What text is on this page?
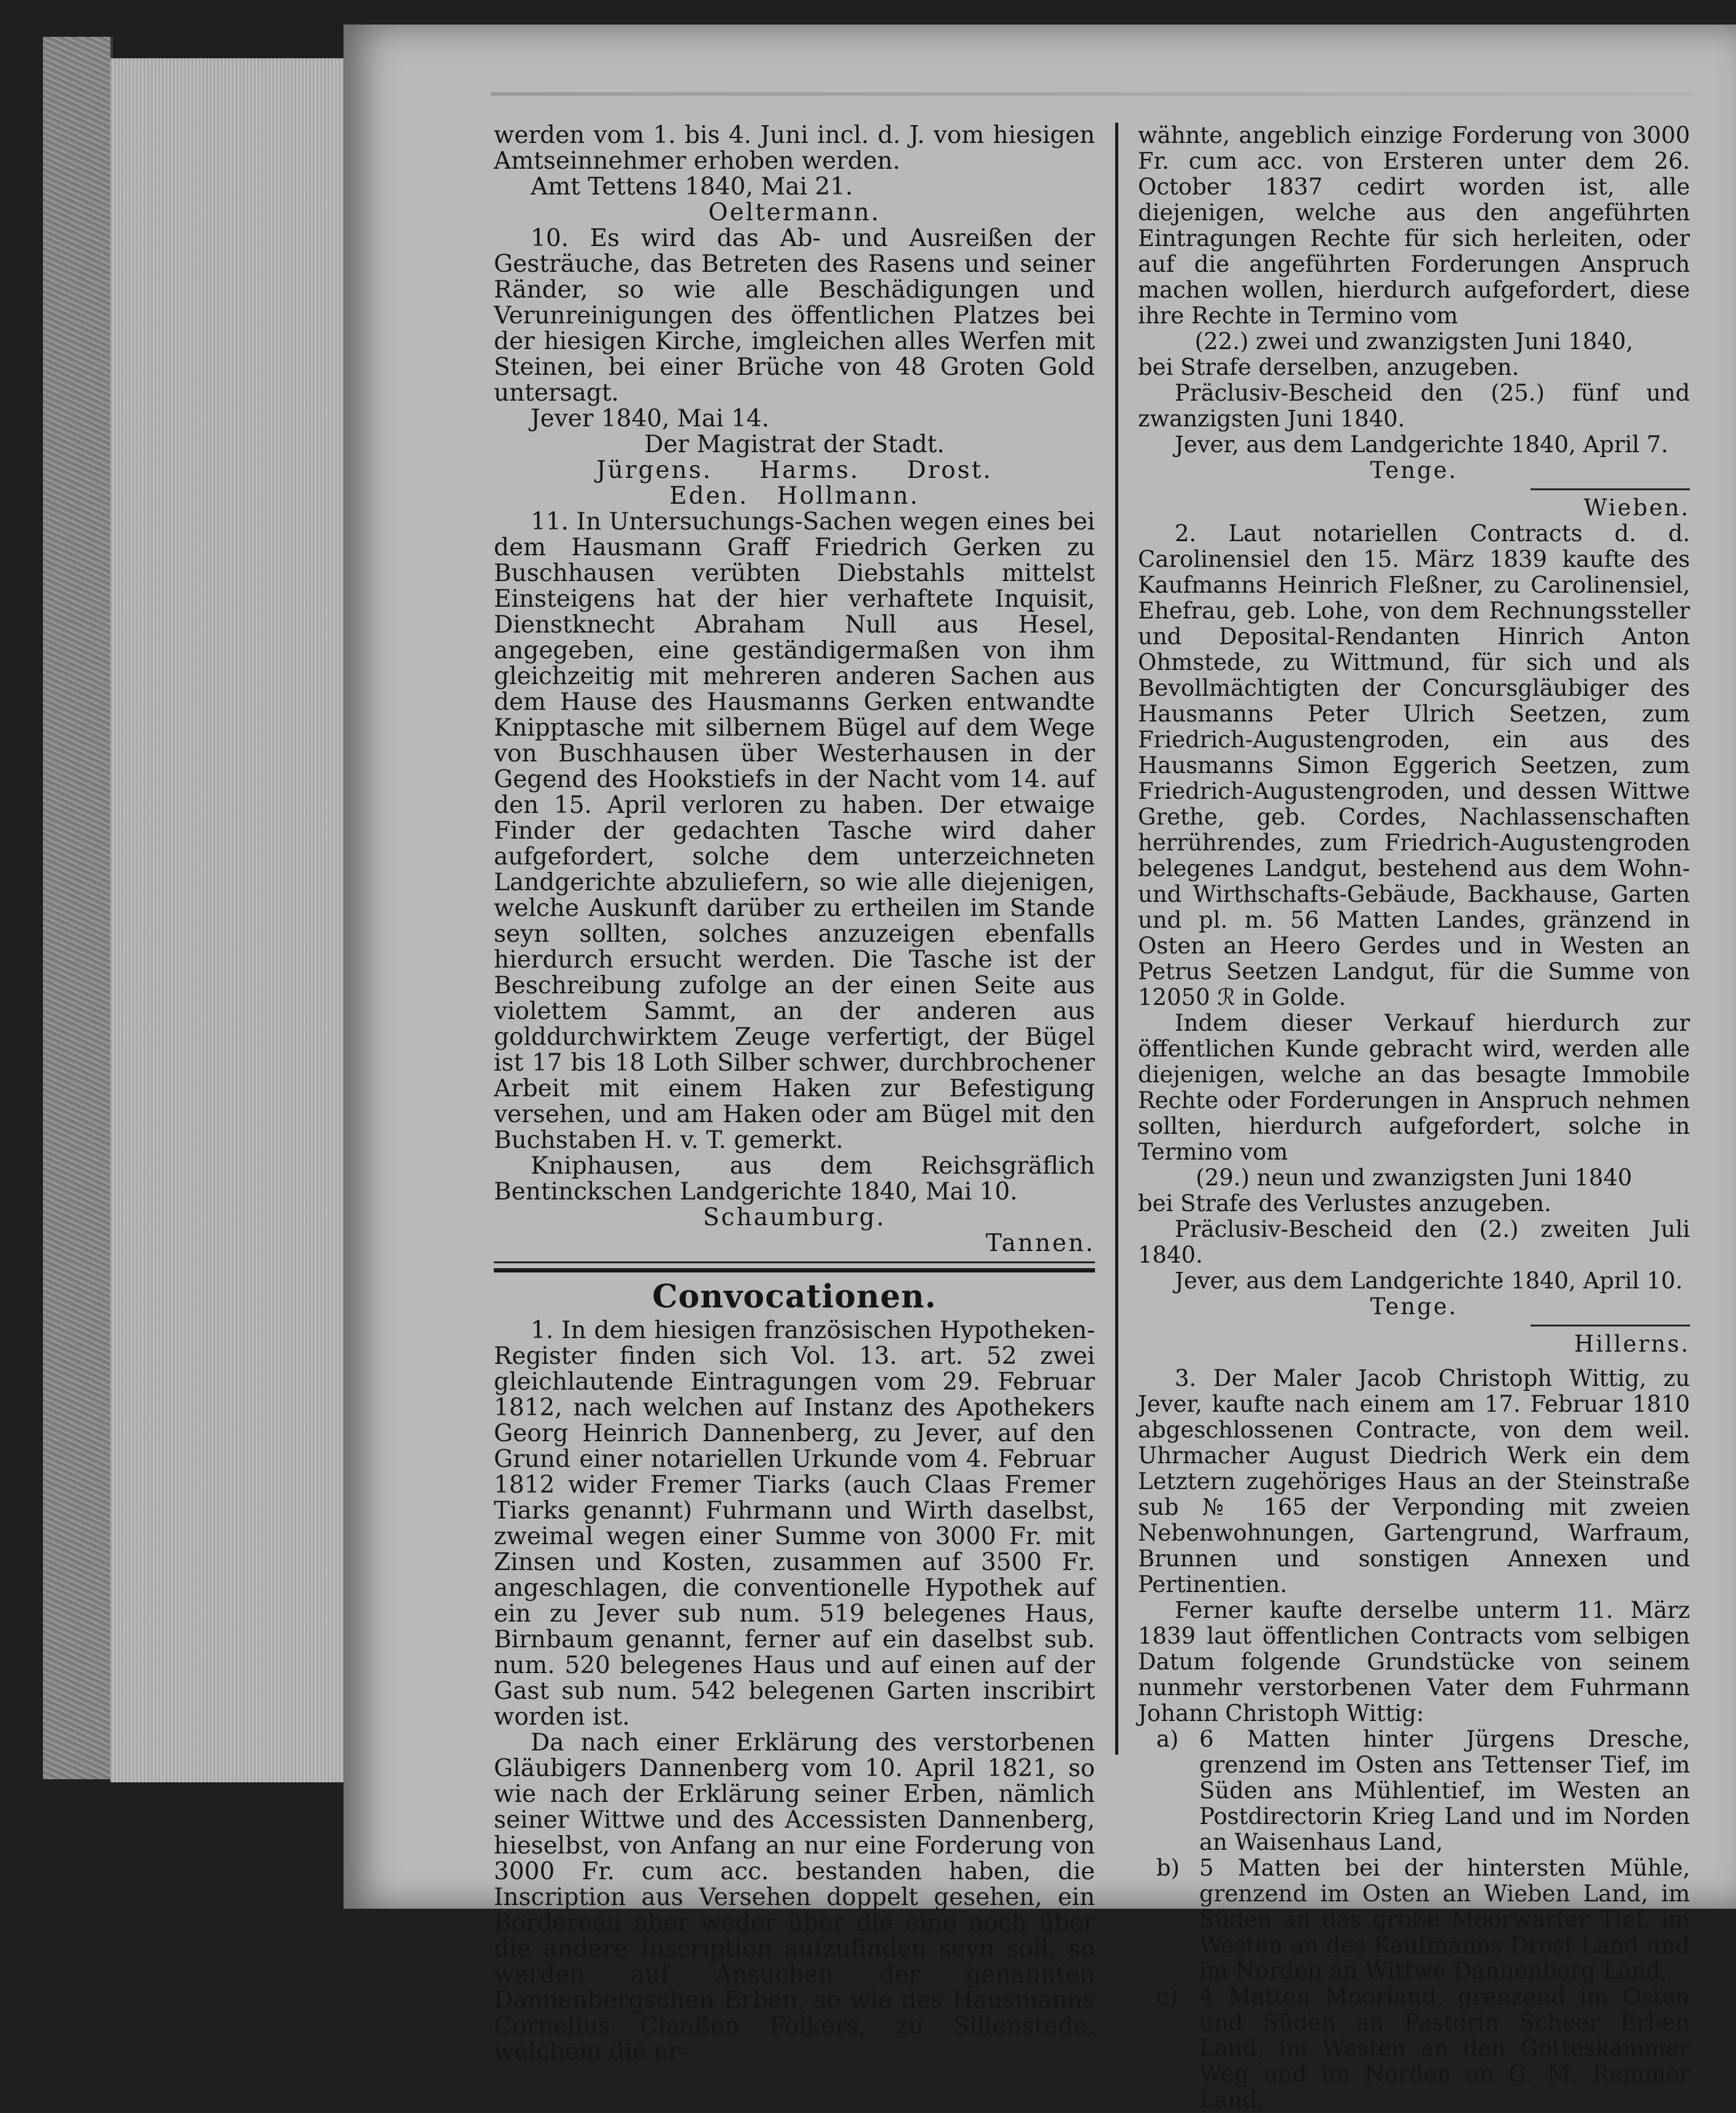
werden vom 1. bis 4. Juni incl. d. J. vom hiesigen Amtseinnehmer erhoben werden.

Amt Tettens 1840, Mai 21.

Oeltermann.

10. Es wird das Ab- und Ausreißen der Gesträuche, das Betreten des Rasens und seiner Ränder, so wie alle Beschädigungen und Verunreinigungen des öffentlichen Platzes bei der hiesigen Kirche, imgleichen alles Werfen mit Steinen, bei einer Brüche von 48 Groten Gold untersagt.

Jever 1840, Mai 14.

Der Magistrat der Stadt.

Jürgens.     Harms.     Drost.

Eden.   Hollmann.

11. In Untersuchungs-Sachen wegen eines bei dem Hausmann Graff Friedrich Gerken zu Buschhausen verübten Diebstahls mittelst Einsteigens hat der hier verhaftete Inquisit, Dienstknecht Abraham Null aus Hesel, angegeben, eine geständigermaßen von ihm gleichzeitig mit mehreren anderen Sachen aus dem Hause des Hausmanns Gerken entwandte Knipptasche mit silbernem Bügel auf dem Wege von Buschhausen über Westerhausen in der Gegend des Hookstiefs in der Nacht vom 14. auf den 15. April verloren zu haben. Der etwaige Finder der gedachten Tasche wird daher aufgefordert, solche dem unterzeichneten Landgerichte abzuliefern, so wie alle diejenigen, welche Auskunft darüber zu ertheilen im Stande seyn sollten, solches anzuzeigen ebenfalls hierdurch ersucht werden. Die Tasche ist der Beschreibung zufolge an der einen Seite aus violettem Sammt, an der anderen aus golddurchwirktem Zeuge verfertigt, der Bügel ist 17 bis 18 Loth Silber schwer, durchbrochener Arbeit mit einem Haken zur Befestigung versehen, und am Haken oder am Bügel mit den Buchstaben H. v. T. gemerkt.

Kniphausen, aus dem Reichsgräflich Bentinckschen Landgerichte 1840, Mai 10.

Schaumburg.

Tannen.

Convocationen.

1. In dem hiesigen französischen Hypotheken-Register finden sich Vol. 13. art. 52 zwei gleichlautende Eintragungen vom 29. Februar 1812, nach welchen auf Instanz des Apothekers Georg Heinrich Dannenberg, zu Jever, auf den Grund einer notariellen Urkunde vom 4. Februar 1812 wider Fremer Tiarks (auch Claas Fremer Tiarks genannt) Fuhrmann und Wirth daselbst, zweimal wegen einer Summe von 3000 Fr. mit Zinsen und Kosten, zusammen auf 3500 Fr. angeschlagen, die conventionelle Hypothek auf ein zu Jever sub num. 519 belegenes Haus, Birnbaum genannt, ferner auf ein daselbst sub. num. 520 belegenes Haus und auf einen auf der Gast sub num. 542 belegenen Garten inscribirt worden ist.

Da nach einer Erklärung des verstorbenen Gläubigers Dannenberg vom 10. April 1821, so wie nach der Erklärung seiner Erben, nämlich seiner Wittwe und des Accessisten Dannenberg, hieselbst, von Anfang an nur eine Forderung von 3000 Fr. cum acc. bestanden haben, die Inscription aus Versehen doppelt gesehen, ein Bordereau aber weder über die eine noch über die andere Inscription aufzufinden seyn soll, so werden auf Ansuchen der genannten Dannenbergschen Erben, so wie des Hausmanns Cornelius Claaßen Folkers, zu Sillenstede, welchem die er-

wähnte, angeblich einzige Forderung von 3000 Fr. cum acc. von Ersteren unter dem 26. October 1837 cedirt worden ist, alle diejenigen, welche aus den angeführten Eintragungen Rechte für sich herleiten, oder auf die angeführten Forderungen Anspruch machen wollen, hierdurch aufgefordert, diese ihre Rechte in Termino vom

(22.) zwei und zwanzigsten Juni 1840,

bei Strafe derselben, anzugeben.

Präclusiv-Bescheid den (25.) fünf und zwanzigsten Juni 1840.

Jever, aus dem Landgerichte 1840, April 7.

Tenge.

Wieben.

2. Laut notariellen Contracts d. d. Carolinensiel den 15. März 1839 kaufte des Kaufmanns Heinrich Fleßner, zu Carolinensiel, Ehefrau, geb. Lohe, von dem Rechnungssteller und Deposital-Rendanten Hinrich Anton Ohmstede, zu Wittmund, für sich und als Bevollmächtigten der Concursgläubiger des Hausmanns Peter Ulrich Seetzen, zum Friedrich-Augustengroden, ein aus des Hausmanns Simon Eggerich Seetzen, zum Friedrich-Augustengroden, und dessen Wittwe Grethe, geb. Cordes, Nachlassenschaften herrührendes, zum Friedrich-Augustengroden belegenes Landgut, bestehend aus dem Wohn- und Wirthschafts-Gebäude, Backhause, Garten und pl. m. 56 Matten Landes, gränzend in Osten an Heero Gerdes und in Westen an Petrus Seetzen Landgut, für die Summe von 12050 ℛ in Golde.

Indem dieser Verkauf hierdurch zur öffentlichen Kunde gebracht wird, werden alle diejenigen, welche an das besagte Immobile Rechte oder Forderungen in Anspruch nehmen sollten, hierdurch aufgefordert, solche in Termino vom

(29.) neun und zwanzigsten Juni 1840

bei Strafe des Verlustes anzugeben.

Präclusiv-Bescheid den (2.) zweiten Juli 1840.

Jever, aus dem Landgerichte 1840, April 10.

Tenge.

Hillerns.

3. Der Maler Jacob Christoph Wittig, zu Jever, kaufte nach einem am 17. Februar 1810 abgeschlossenen Contracte, von dem weil. Uhrmacher August Diedrich Werk ein dem Letztern zugehöriges Haus an der Steinstraße sub № 165 der Verponding mit zweien Nebenwohnungen, Gartengrund, Warfraum, Brunnen und sonstigen Annexen und Pertinentien.

Ferner kaufte derselbe unterm 11. März 1839 laut öffentlichen Contracts vom selbigen Datum folgende Grundstücke von seinem nunmehr verstorbenen Vater dem Fuhrmann Johann Christoph Wittig:

a) 6 Matten hinter Jürgens Dresche, grenzend im Osten ans Tettenser Tief, im Süden ans Mühlentief, im Westen an Postdirectorin Krieg Land und im Norden an Waisenhaus Land,
b) 5 Matten bei der hintersten Mühle, grenzend im Osten an Wieben Land, im Süden an das große Moorwarfer Tief, im Westen an des Kaufmanns Drost Land und im Norden an Wittwe Dannenberg Land,
c) 4 Matten Moorland, grenzend im Osten und Süden an Pastorin Scheer Erben Land, im Westen an den Gotteskammer Weg und im Norden an G. M. Remmer Land,
